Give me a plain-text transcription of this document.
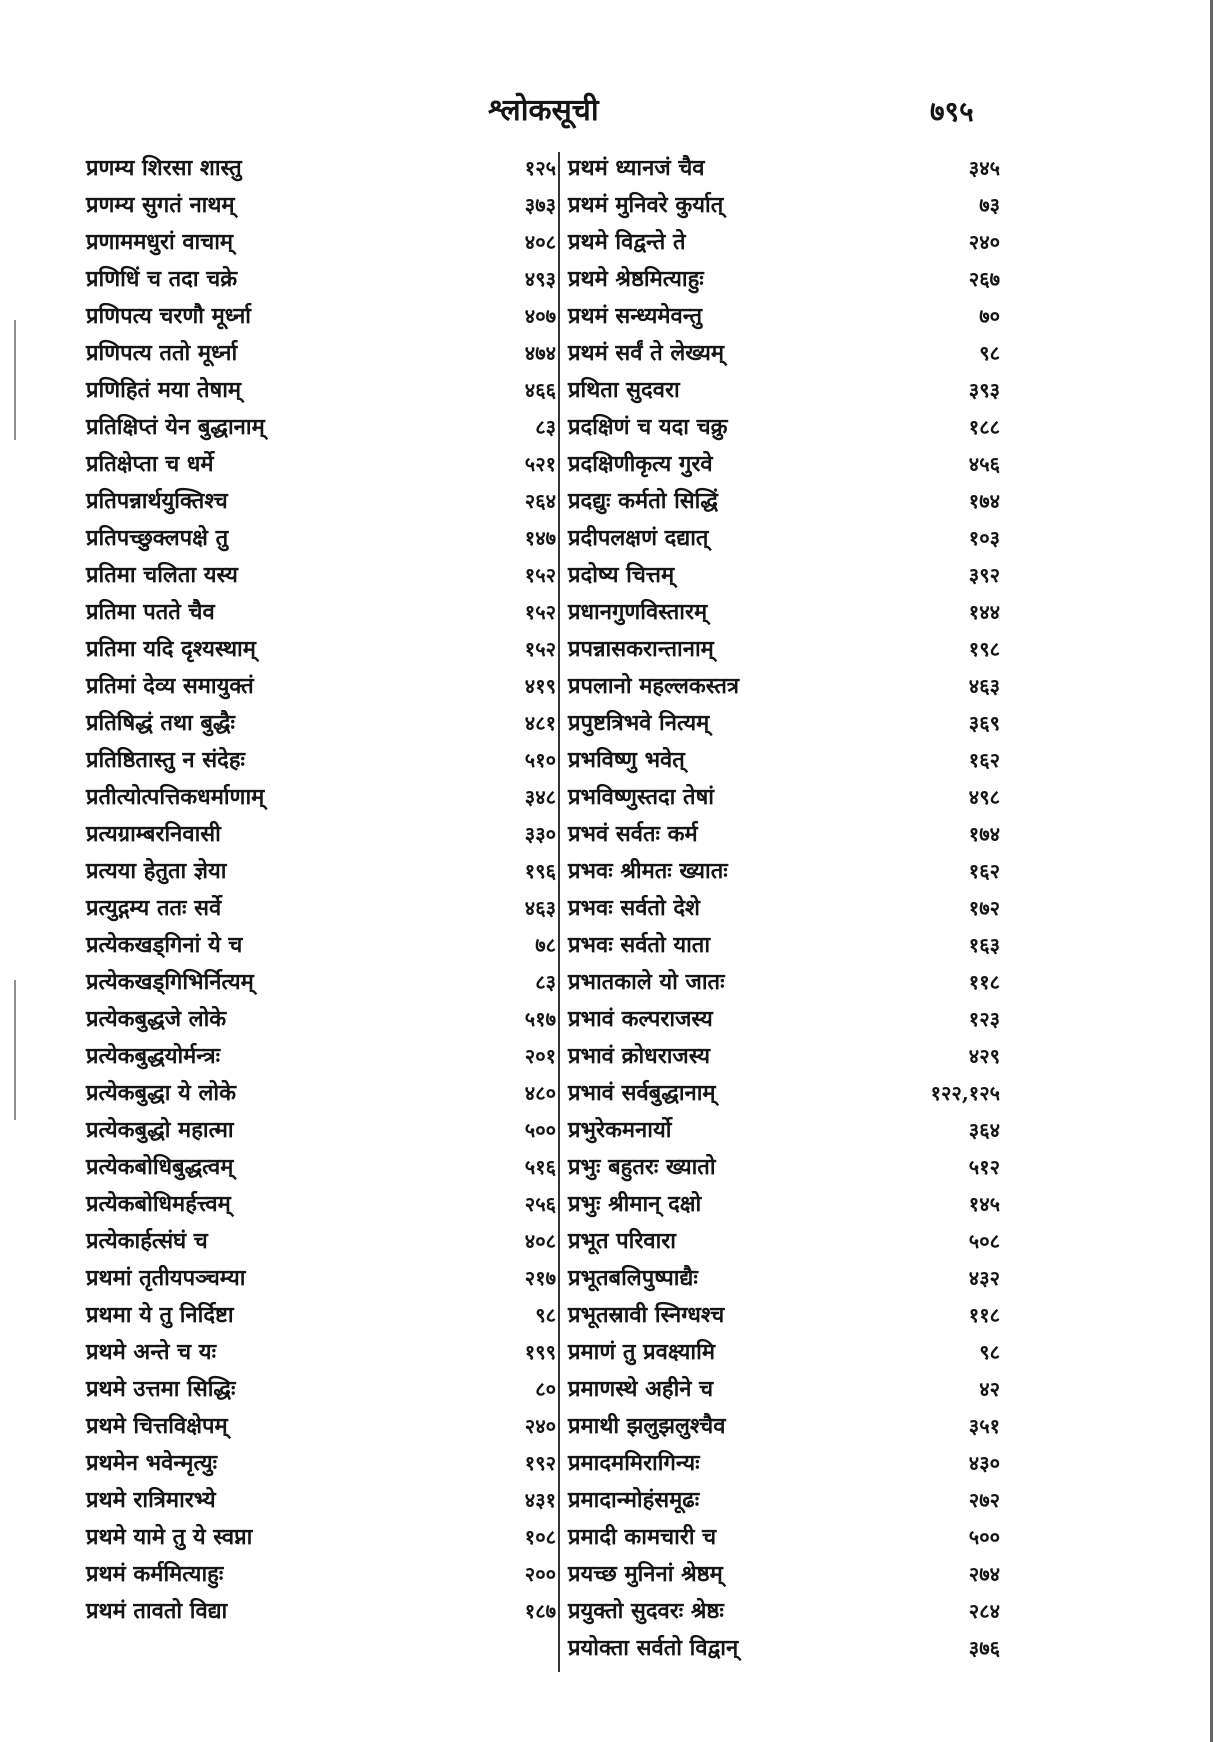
श्लोकसूची	७९५
प्रणम्य शिरसा शास्तु	१२५
प्रणम्य सुगतं नाथम्	३७३
प्रणाममधुरां वाचाम्	४०८
प्रणिधिं च तदा चक्रे	४९३
प्रणिपत्य चरणौ मूर्ध्ना	४०७
प्रणिपत्य ततो मूर्ध्ना	४७४
प्रणिहितं मया तेषाम्	४६६
प्रतिक्षिप्तं येन बुद्धानाम्	८३
प्रतिक्षेप्ता च धर्मे	५२१
प्रतिपन्नार्थयुक्तिश्च	२६४
प्रतिपच्छुक्लपक्षे तु	१४७
प्रतिमा चलिता यस्य	१५२
प्रतिमा पतते चैव	१५२
प्रतिमा यदि दृश्यस्थाम्	१५२
प्रतिमां देव्य समायुक्तं	४१९
प्रतिषिद्धं तथा बुद्धैः	४८१
प्रतिष्ठितास्तु न संदेहः	५१०
प्रतीत्योत्पत्तिकधर्माणाम्	३४८
प्रत्यग्राम्बरनिवासी	३३०
प्रत्यया हेतुता ज्ञेया	१९६
प्रत्युद्गम्य ततः सर्वे	४६३
प्रत्येकखड्गिनां ये च	७८
प्रत्येकखड्गिभिर्नित्यम्	८३
प्रत्येकबुद्धजे लोके	५१७
प्रत्येकबुद्धयोर्मन्त्रः	२०१
प्रत्येकबुद्धा ये लोके	४८०
प्रत्येकबुद्धो महात्मा	५००
प्रत्येकबोधिबुद्धत्वम्	५१६
प्रत्येकबोधिमर्हत्त्वम्	२५६
प्रत्येकार्हत्संघं च	४०८
प्रथमां तृतीयपञ्चम्या	२१७
प्रथमा ये तु निर्दिष्टा	९८
प्रथमे अन्ते च यः	१९९
प्रथमे उत्तमा सिद्धिः	८०
प्रथमे चित्तविक्षेपम्	२४०
प्रथमेन भवेन्मृत्युः	१९२
प्रथमे रात्रिमारभ्ये	४३१
प्रथमे यामे तु ये स्वप्ना	१०८
प्रथमं कर्ममित्याहुः	२००
प्रथमं तावतो विद्या	१८७
प्रथमं ध्यानजं चैव	३४५
प्रथमं मुनिवरे कुर्यात्	७३
प्रथमे विद्वन्ते ते	२४०
प्रथमे श्रेष्ठमित्याहुः	२६७
प्रथमं सन्ध्यमेवन्तु	७०
प्रथमं सर्वं ते लेख्यम्	९८
प्रथिता सुदवरा	३९३
प्रदक्षिणं च यदा चक्रु	१८८
प्रदक्षिणीकृत्य गुरवे	४५६
प्रदद्युः कर्मतो सिद्धिं	१७४
प्रदीपलक्षणं दद्यात्	१०३
प्रदोष्य चित्तम्	३९२
प्रधानगुणविस्तारम्	१४४
प्रपन्नासकरान्तानाम्	१९८
प्रपलानो महल्लकस्तत्र	४६३
प्रपुष्टत्रिभवे नित्यम्	३६९
प्रभविष्णु भवेत्	१६२
प्रभविष्णुस्तदा तेषां	४९८
प्रभवं सर्वतः कर्म	१७४
प्रभवः श्रीमतः ख्यातः	१६२
प्रभवः सर्वतो देशे	१७२
प्रभवः सर्वतो याता	१६३
प्रभातकाले यो जातः	११८
प्रभावं कल्पराजस्य	१२३
प्रभावं क्रोधराजस्य	४२९
प्रभावं सर्वबुद्धानाम्	१२२,१२५
प्रभुरेकमनार्यो	३६४
प्रभुः बहुतरः ख्यातो	५१२
प्रभुः श्रीमान् दक्षो	१४५
प्रभूत परिवारा	५०८
प्रभूतबलिपुष्पाद्यैः	४३२
प्रभूतस्रावी स्निग्धश्च	११८
प्रमाणं तु प्रवक्ष्यामि	९८
प्रमाणस्थे अहीने च	४२
प्रमाथी झलुझलुश्चैव	३५१
प्रमादममिरागिन्यः	४३०
प्रमादान्मोहंसमूढः	२७२
प्रमादी कामचारी च	५००
प्रयच्छ मुनिनां श्रेष्ठम्	२७४
प्रयुक्तो सुदवरः श्रेष्ठः	२८४
प्रयोक्ता सर्वतो विद्वान्	३७६
